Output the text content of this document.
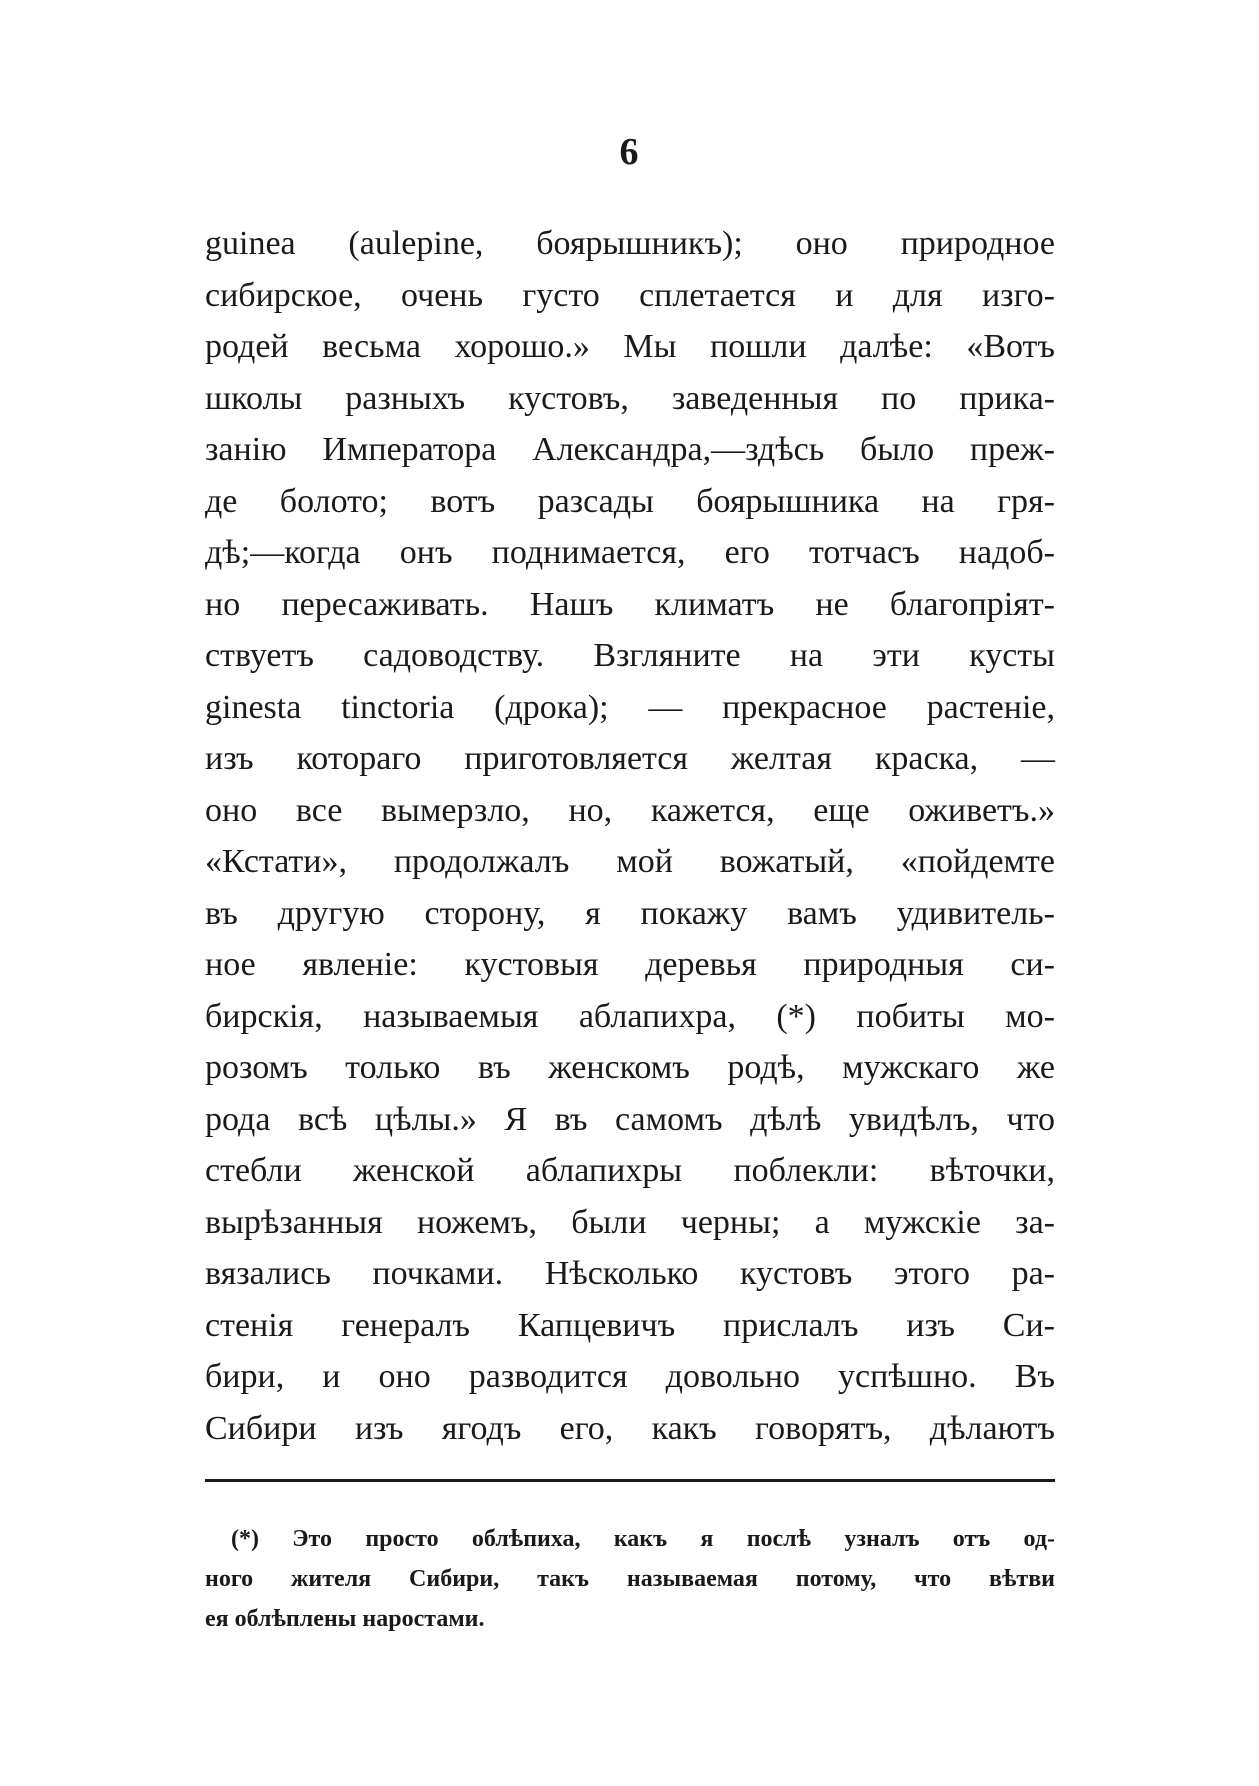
6
guinea (aulepine, боярышникъ); оно природное
сибирское, очень густо сплетается и для изго-
родей весьма хорошо.» Мы пошли далѣе: «Вотъ
школы разныхъ кустовъ, заведенныя по прика-
занiю Императора Александра,—здѣсь было преж-
де болото; вотъ разсады боярышника на гря-
дѣ;—когда онъ поднимается, его тотчасъ надоб-
но пересаживать. Нашъ климатъ не благопрiят-
ствуетъ садоводству. Взгляните на эти кусты
ginesta tinctoria (дрока); — прекрасное растенiе,
изъ котораго приготовляется желтая краска, —
оно все вымерзло, но, кажется, еще оживетъ.»
«Кстати», продолжалъ мой вожатый, «пойдемте
въ другую сторону, я покажу вамъ удивитель-
ное явленiе: кустовыя деревья природныя си-
бирскiя, называемыя аблапихра, (*) побиты мо-
розомъ только въ женскомъ родѣ, мужскаго же
рода всѣ цѣлы.» Я въ самомъ дѣлѣ увидѣлъ, что
стебли женской аблапихры поблекли: вѣточки,
вырѣзанныя ножемъ, были черны; а мужскiе за-
вязались почками. Нѣсколько кустовъ этого ра-
стенiя генералъ Капцевичъ прислалъ изъ Си-
бири, и оно разводится довольно успѣшно. Въ
Сибири изъ ягодъ его, какъ говорятъ, дѣлаютъ
(*) Это просто облѣпиха, какъ я послѣ узналъ отъ од-
ного жителя Сибири, такъ называемая потому, что вѣтви
ея облѣплены наростами.
